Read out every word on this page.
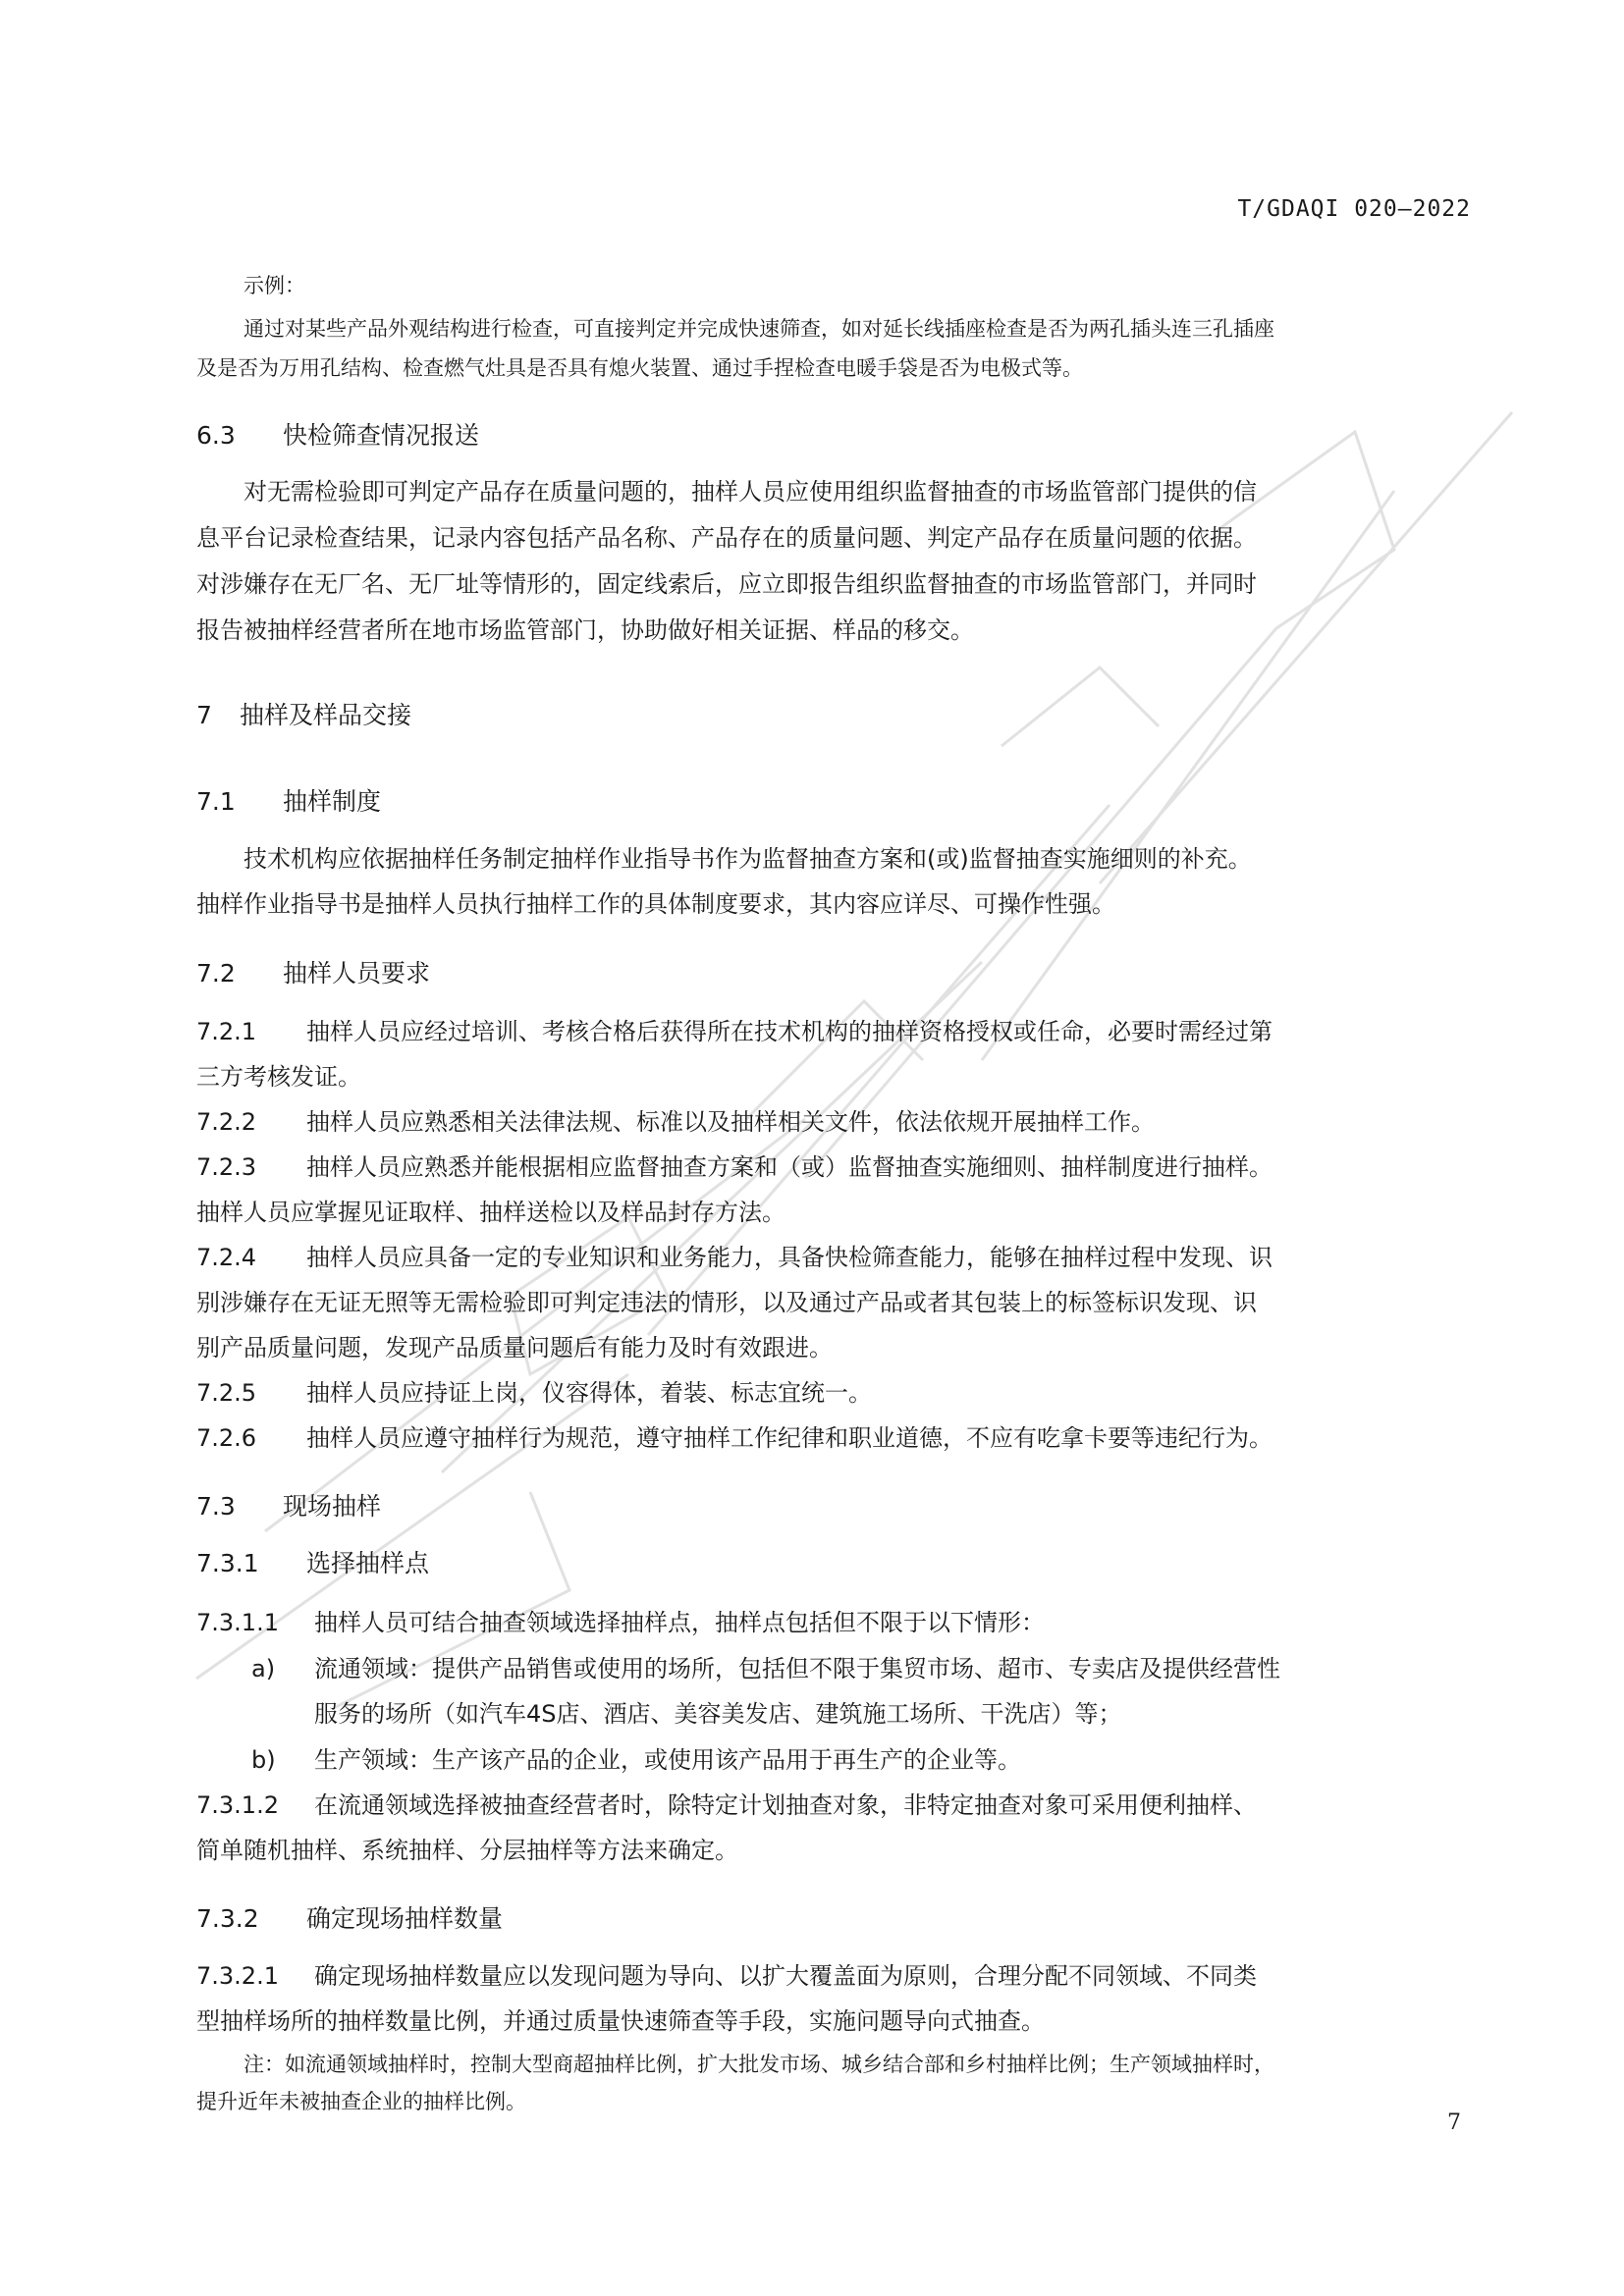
T/GDAQI 020—2022
示例：
通过对某些产品外观结构进行检查，可直接判定并完成快速筛查，如对延长线插座检查是否为两孔插头连三孔插座
及是否为万用孔结构、检查燃气灶具是否具有熄火装置、通过手捏检查电暖手袋是否为电极式等。
6.3 快检筛查情况报送
对无需检验即可判定产品存在质量问题的，抽样人员应使用组织监督抽查的市场监管部门提供的信
息平台记录检查结果，记录内容包括产品名称、产品存在的质量问题、判定产品存在质量问题的依据。
对涉嫌存在无厂名、无厂址等情形的，固定线索后，应立即报告组织监督抽查的市场监管部门，并同时
报告被抽样经营者所在地市场监管部门，协助做好相关证据、样品的移交。
7 抽样及样品交接
7.1 抽样制度
技术机构应依据抽样任务制定抽样作业指导书作为监督抽查方案和(或)监督抽查实施细则的补充。
抽样作业指导书是抽样人员执行抽样工作的具体制度要求，其内容应详尽、可操作性强。
7.2 抽样人员要求
7.2.1 抽样人员应经过培训、考核合格后获得所在技术机构的抽样资格授权或任命，必要时需经过第
三方考核发证。
7.2.2 抽样人员应熟悉相关法律法规、标准以及抽样相关文件，依法依规开展抽样工作。
7.2.3 抽样人员应熟悉并能根据相应监督抽查方案和（或）监督抽查实施细则、抽样制度进行抽样。
抽样人员应掌握见证取样、抽样送检以及样品封存方法。
7.2.4 抽样人员应具备一定的专业知识和业务能力，具备快检筛查能力，能够在抽样过程中发现、识
别涉嫌存在无证无照等无需检验即可判定违法的情形，以及通过产品或者其包装上的标签标识发现、识
别产品质量问题，发现产品质量问题后有能力及时有效跟进。
7.2.5 抽样人员应持证上岗，仪容得体，着装、标志宜统一。
7.2.6 抽样人员应遵守抽样行为规范，遵守抽样工作纪律和职业道德，不应有吃拿卡要等违纪行为。
7.3 现场抽样
7.3.1 选择抽样点
7.3.1.1 抽样人员可结合抽查领域选择抽样点，抽样点包括但不限于以下情形：
a) 流通领域：提供产品销售或使用的场所，包括但不限于集贸市场、超市、专卖店及提供经营性
服务的场所（如汽车4S店、酒店、美容美发店、建筑施工场所、干洗店）等；
b) 生产领域：生产该产品的企业，或使用该产品用于再生产的企业等。
7.3.1.2 在流通领域选择被抽查经营者时，除特定计划抽查对象，非特定抽查对象可采用便利抽样、
简单随机抽样、系统抽样、分层抽样等方法来确定。
7.3.2 确定现场抽样数量
7.3.2.1 确定现场抽样数量应以发现问题为导向、以扩大覆盖面为原则，合理分配不同领域、不同类
型抽样场所的抽样数量比例，并通过质量快速筛查等手段，实施问题导向式抽查。
注：如流通领域抽样时，控制大型商超抽样比例，扩大批发市场、城乡结合部和乡村抽样比例；生产领域抽样时，
提升近年未被抽查企业的抽样比例。
7
